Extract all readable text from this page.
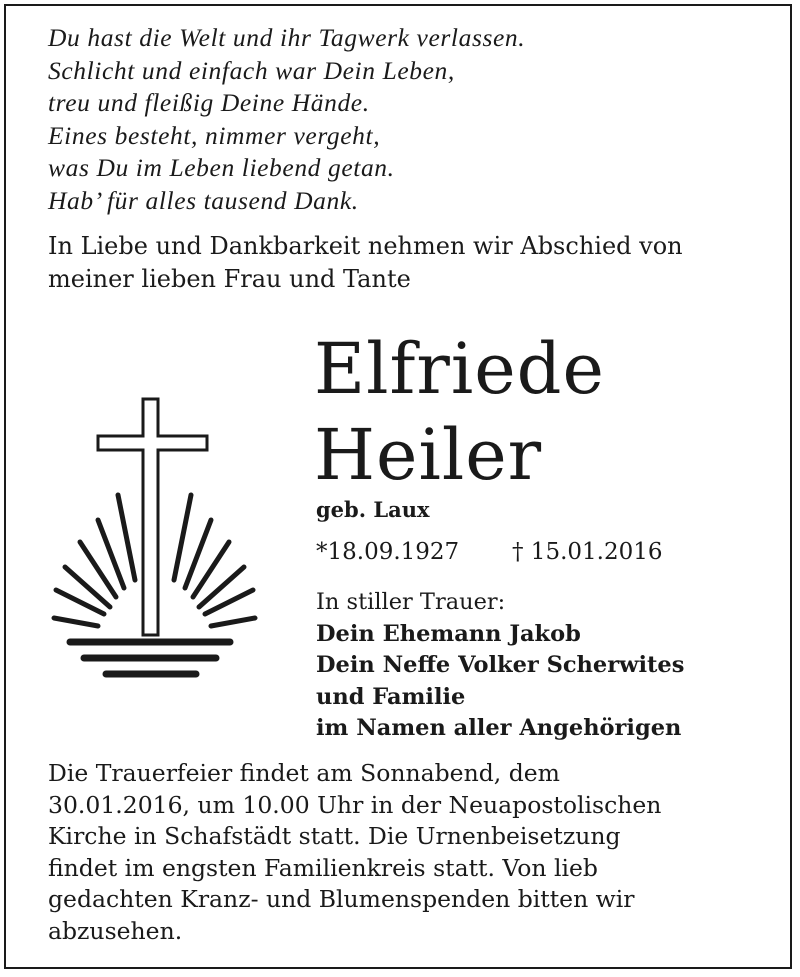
Du hast die Welt und ihr Tagwerk verlassen.
Schlicht und einfach war Dein Leben,
treu und fleißig Deine Hände.
Eines besteht, nimmer vergeht,
was Du im Leben liebend getan.
Hab’ für alles tausend Dank.
In Liebe und Dankbarkeit nehmen wir Abschied von
meiner lieben Frau und Tante
Elfriede
Heiler
geb. Laux
*18.09.1927 † 15.01.2016
In stiller Trauer:
Dein Ehemann Jakob
Dein Neffe Volker Scherwites
und Familie
im Namen aller Angehörigen
Die Trauerfeier findet am Sonnabend, dem
30.01.2016, um 10.00 Uhr in der Neuapostolischen
Kirche in Schafstädt statt. Die Urnenbeisetzung
findet im engsten Familienkreis statt. Von lieb
gedachten Kranz- und Blumenspenden bitten wir
abzusehen.
